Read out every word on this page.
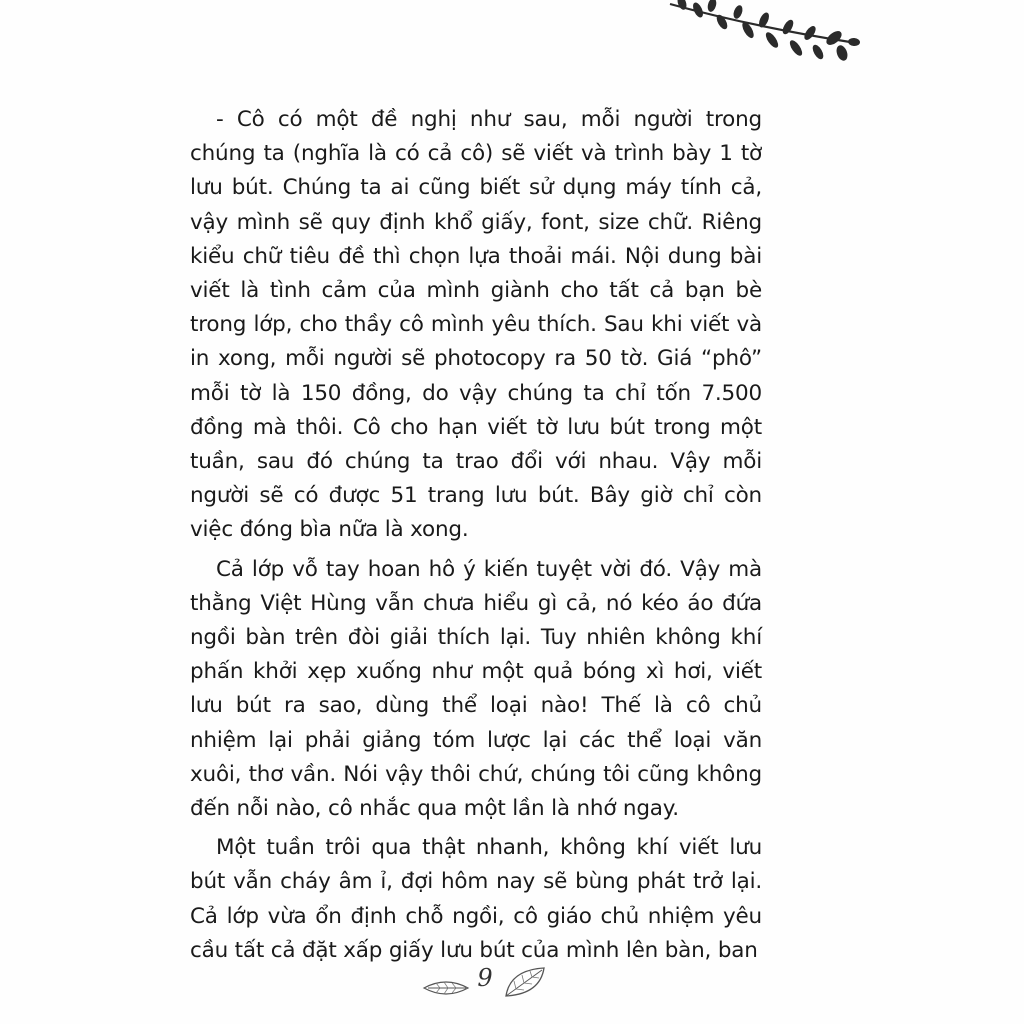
- Cô có một đề nghị như sau, mỗi người trong chúng ta (nghĩa là có cả cô) sẽ viết và trình bày 1 tờ lưu bút. Chúng ta ai cũng biết sử dụng máy tính cả, vậy mình sẽ quy định khổ giấy, font, size chữ. Riêng kiểu chữ tiêu đề thì chọn lựa thoải mái. Nội dung bài viết là tình cảm của mình giành cho tất cả bạn bè trong lớp, cho thầy cô mình yêu thích. Sau khi viết và in xong, mỗi người sẽ photocopy ra 50 tờ. Giá “phô” mỗi tờ là 150 đồng, do vậy chúng ta chỉ tốn 7.500 đồng mà thôi. Cô cho hạn viết tờ lưu bút trong một tuần, sau đó chúng ta trao đổi với nhau. Vậy mỗi người sẽ có được 51 trang lưu bút. Bây giờ chỉ còn việc đóng bìa nữa là xong.

Cả lớp vỗ tay hoan hô ý kiến tuyệt vời đó. Vậy mà thằng Việt Hùng vẫn chưa hiểu gì cả, nó kéo áo đứa ngồi bàn trên đòi giải thích lại. Tuy nhiên không khí phấn khởi xẹp xuống như một quả bóng xì hơi, viết lưu bút ra sao, dùng thể loại nào! Thế là cô chủ nhiệm lại phải giảng tóm lược lại các thể loại văn xuôi, thơ vần. Nói vậy thôi chứ, chúng tôi cũng không đến nỗi nào, cô nhắc qua một lần là nhớ ngay.

Một tuần trôi qua thật nhanh, không khí viết lưu bút vẫn cháy âm ỉ, đợi hôm nay sẽ bùng phát trở lại. Cả lớp vừa ổn định chỗ ngồi, cô giáo chủ nhiệm yêu cầu tất cả đặt xấp giấy lưu bút của mình lên bàn, ban

9
